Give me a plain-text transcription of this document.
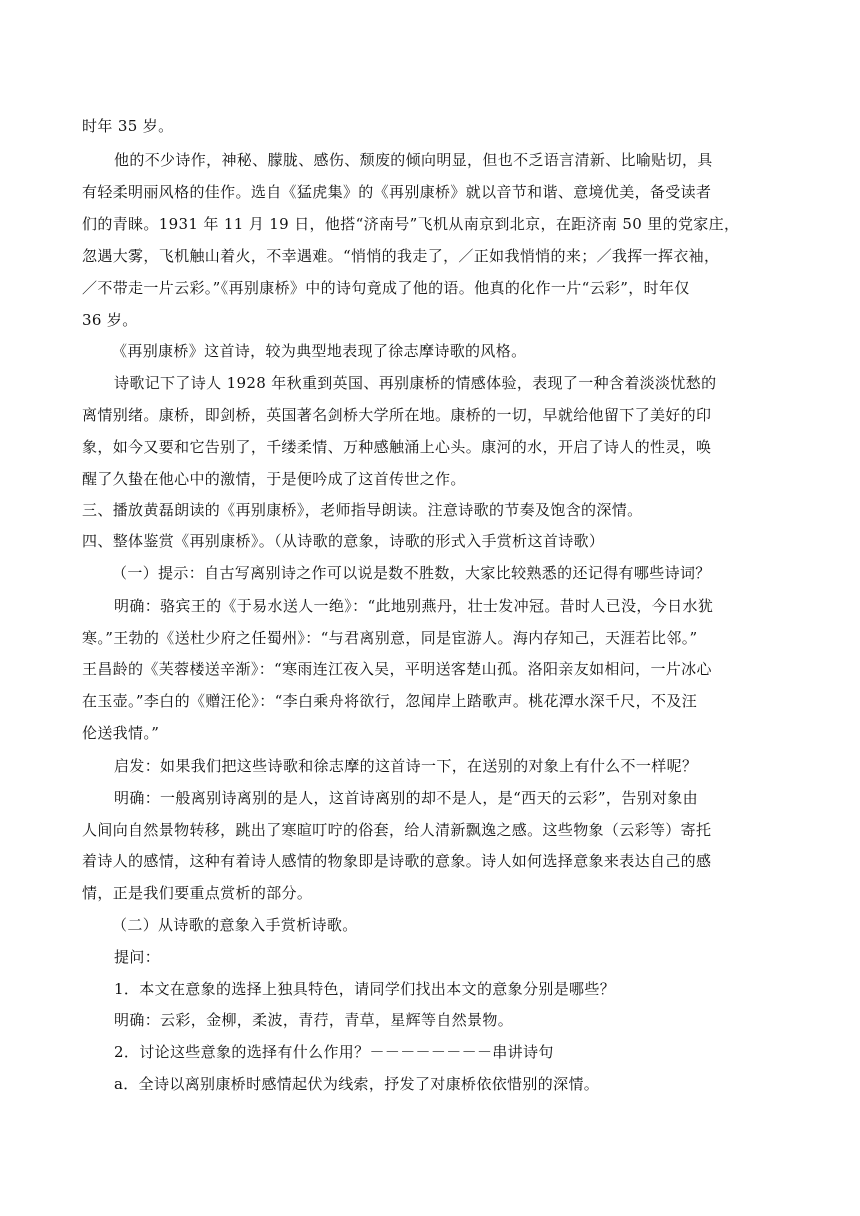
时年 35 岁。
他的不少诗作，神秘、朦胧、感伤、颓废的倾向明显，但也不乏语言清新、比喻贴切，具
有轻柔明丽风格的佳作。选自《猛虎集》的《再别康桥》就以音节和谐、意境优美，备受读者
们的青睐。1931 年 11 月 19 日，他搭“济南号”飞机从南京到北京，在距济南 50 里的党家庄，
忽遇大雾，飞机触山着火，不幸遇难。“悄悄的我走了，／正如我悄悄的来；／我挥一挥衣袖，
／不带走一片云彩。”《再别康桥》中的诗句竟成了他的语。他真的化作一片“云彩”，时年仅
36 岁。
《再别康桥》这首诗，较为典型地表现了徐志摩诗歌的风格。
诗歌记下了诗人 1928 年秋重到英国、再别康桥的情感体验，表现了一种含着淡淡忧愁的
离情别绪。康桥，即剑桥，英国著名剑桥大学所在地。康桥的一切，早就给他留下了美好的印
象，如今又要和它告别了，千缕柔情、万种感触涌上心头。康河的水，开启了诗人的性灵，唤
醒了久蛰在他心中的激情，于是便吟成了这首传世之作。
三、播放黄磊朗读的《再别康桥》，老师指导朗读。注意诗歌的节奏及饱含的深情。
四、整体鉴赏《再别康桥》。（从诗歌的意象，诗歌的形式入手赏析这首诗歌）
（一）提示：自古写离别诗之作可以说是数不胜数，大家比较熟悉的还记得有哪些诗词？
明确：骆宾王的《于易水送人一绝》：“此地别燕丹，壮士发冲冠。昔时人已没，今日水犹
寒。”王勃的《送杜少府之任蜀州》：“与君离别意，同是宦游人。海内存知己，天涯若比邻。”
王昌龄的《芙蓉楼送辛渐》：“寒雨连江夜入吴，平明送客楚山孤。洛阳亲友如相问，一片冰心
在玉壶。”李白的《赠汪伦》：“李白乘舟将欲行，忽闻岸上踏歌声。桃花潭水深千尺，不及汪
伦送我情。”
启发：如果我们把这些诗歌和徐志摩的这首诗一下，在送别的对象上有什么不一样呢？
明确：一般离别诗离别的是人，这首诗离别的却不是人，是“西天的云彩”，告别对象由
人间向自然景物转移，跳出了寒暄叮咛的俗套，给人清新飘逸之感。这些物象（云彩等）寄托
着诗人的感情，这种有着诗人感情的物象即是诗歌的意象。诗人如何选择意象来表达自己的感
情，正是我们要重点赏析的部分。
（二）从诗歌的意象入手赏析诗歌。
提问：
1．本文在意象的选择上独具特色，请同学们找出本文的意象分别是哪些？
明确：云彩，金柳，柔波，青荇，青草，星辉等自然景物。
2．讨论这些意象的选择有什么作用？－－－－－－－－串讲诗句
a．全诗以离别康桥时感情起伏为线索，抒发了对康桥依依惜别的深情。
